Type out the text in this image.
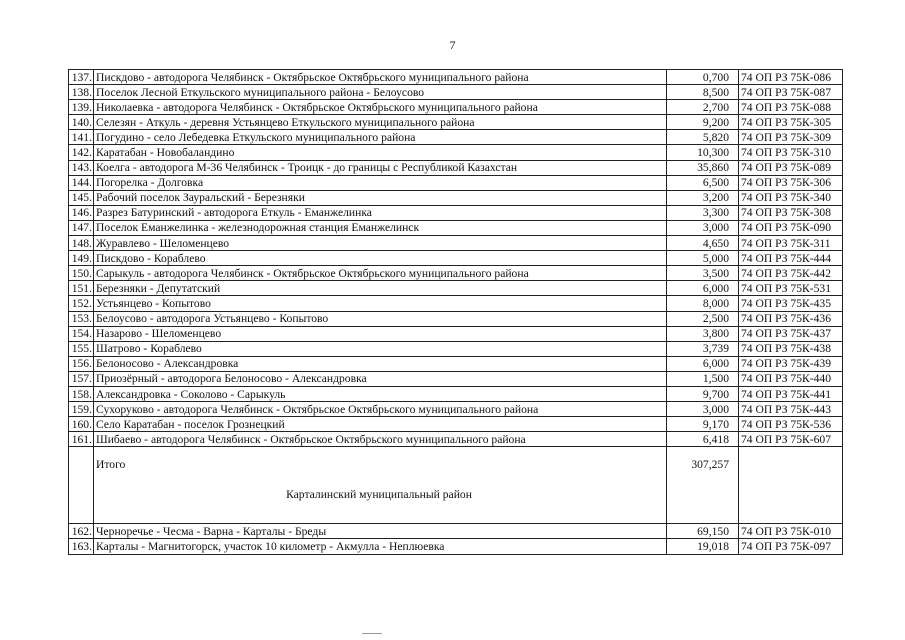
7
137.	Пискдово - автодорога Челябинск - Октябрьское Октябрьского муниципального района	0,700	74 ОП РЗ 75К-086
138.	Поселок Лесной Еткульского муниципального района - Белоусово	8,500	74 ОП РЗ 75К-087
139.	Николаевка - автодорога Челябинск - Октябрьское Октябрьского муниципального района	2,700	74 ОП РЗ 75К-088
140.	Селезян - Аткуль - деревня Устьянцево Еткульского муниципального района	9,200	74 ОП РЗ 75К-305
141.	Погудино - село Лебедевка Еткульского муниципального района	5,820	74 ОП РЗ 75К-309
142.	Каратабан - Новобаландино	10,300	74 ОП РЗ 75К-310
143.	Коелга - автодорога М-36 Челябинск - Троицк - до границы с Республикой Казахстан	35,860	74 ОП РЗ 75К-089
144.	Погорелка - Долговка	6,500	74 ОП РЗ 75К-306
145.	Рабочий поселок Зауральский - Березняки	3,200	74 ОП РЗ 75К-340
146.	Разрез Батуринский - автодорога Еткуль - Еманжелинка	3,300	74 ОП РЗ 75К-308
147.	Поселок Еманжелинка - железнодорожная станция Еманжелинск	3,000	74 ОП РЗ 75К-090
148.	Журавлево - Шеломенцево	4,650	74 ОП РЗ 75К-311
149.	Пискдово - Кораблево	5,000	74 ОП РЗ 75К-444
150.	Сарыкуль - автодорога Челябинск - Октябрьское Октябрьского муниципального района	3,500	74 ОП РЗ 75К-442
151.	Березняки - Депутатский	6,000	74 ОП РЗ 75К-531
152.	Устьянцево - Копытово	8,000	74 ОП РЗ 75К-435
153.	Белоусово - автодорога Устьянцево - Копытово	2,500	74 ОП РЗ 75К-436
154.	Назарово - Шеломенцево	3,800	74 ОП РЗ 75К-437
155.	Шатрово - Кораблево	3,739	74 ОП РЗ 75К-438
156.	Белоносово - Александровка	6,000	74 ОП РЗ 75К-439
157.	Приозёрный - автодорога Белоносово - Александровка	1,500	74 ОП РЗ 75К-440
158.	Александровка - Соколово - Сарыкуль	9,700	74 ОП РЗ 75К-441
159.	Сухоруково - автодорога Челябинск - Октябрьское Октябрьского муниципального района	3,000	74 ОП РЗ 75К-443
160.	Село Каратабан - поселок Грознецкий	9,170	74 ОП РЗ 75К-536
161.	Шибаево - автодорога Челябинск - Октябрьское Октябрьского муниципального района	6,418	74 ОП РЗ 75К-607
	Итого	307,257	
	Карталинский муниципальный район		

162.	Черноречье - Чесма - Варна - Карталы - Бреды	69,150	74 ОП РЗ 75К-010
163.	Карталы - Магнитогорск, участок 10 километр - Акмулла - Неплюевка	19,018	74 ОП РЗ 75К-097
